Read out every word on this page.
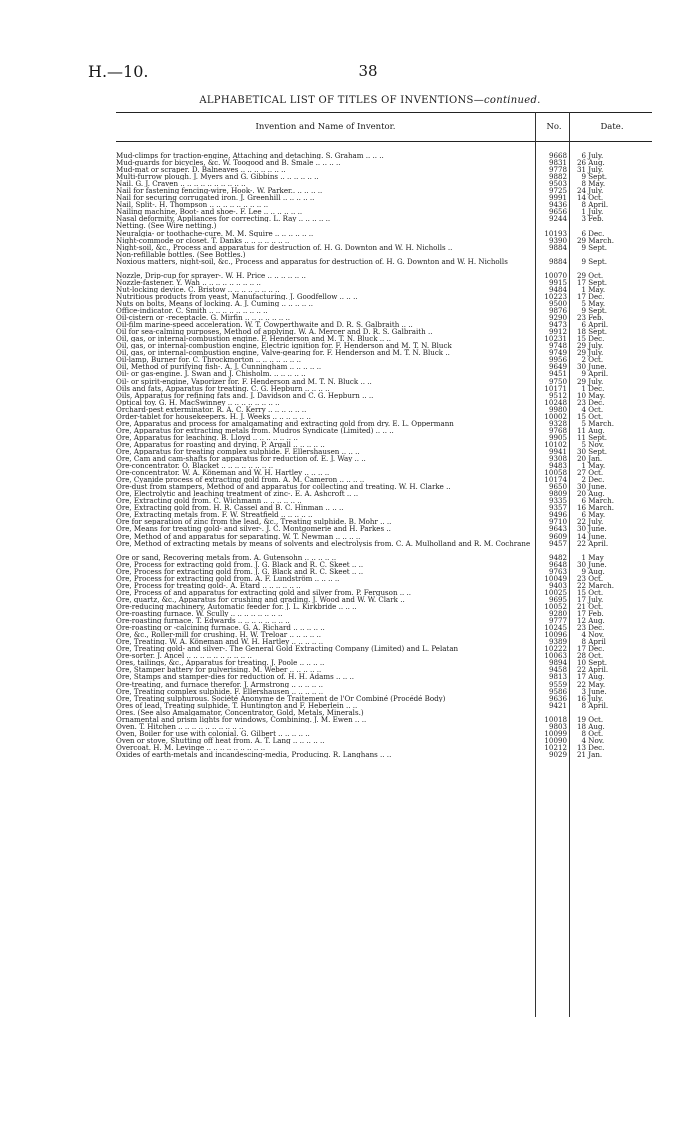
H.—10.	38
ALPHABETICAL LIST OF TITLES OF INVENTIONS—continued.
Invention and Name of Inventor.	No.	Date.
Mud-climps for traction-engine, Attaching and detaching. S. Graham .. .. ..	9668	6 July.
Mud-guards for bicycles, &c. W. Toogood and B. Smale .. .. .. ..	9831	26 Aug.
Mud-mat or scraper. D. Balneaves .. .. .. .. .. .. ..	9778	31 July.
Multi-furrow plough. J. Myers and G. Gibbins .. .. .. .. .. ..	9882	9 Sept.
Nail. G. J. Craven .. .. .. .. .. .. .. .. .. ..	9503	8 May.
Nail for fastening fencing-wire, Hook-. W. Parker.. .. .. .. ..	9725	24 July.
Nail for securing corrugated iron. J. Greenhill .. .. .. .. ..	9991	14 Oct.
Nail, Split-. H. Thompson .. .. .. .. .. .. .. .. ..	9436	8 April.
Nailing machine, Boot- and shoe-. F. Lee .. .. .. .. .. ..	9656	1 July.
Nasal deformity, Appliances for correcting. L. Ray .. .. .. .. ..	9244	3 Feb.
Netting. (See Wire netting.)
Neuralgia- or toothache-cure. M. M. Squire .. .. .. .. .. ..	10193	6 Dec.
Night-commode or closet. T. Danks .. .. .. .. .. .. ..	9390	29 March.
Night-soil, &c., Process and apparatus for destruction of. H. G. Downton and W. H. Nicholls ..	9884	9 Sept.
Non-refillable bottles. (See Bottles.)
Noxious matters, night-soil, &c., Process and apparatus for destruction of. H. G. Downton and W. H. Nicholls	9884	9 Sept.
Nozzle, Drip-cup for sprayer-. W. H. Price .. .. .. .. .. ..	10070	29 Oct.
Nozzle-fastener. Y. Wah .. .. .. .. .. .. .. .. ..	9915	17 Sept.
Nut-locking device. C. Bristow .. .. .. .. .. .. .. ..	9484	1 May.
Nutritious products from yeast, Manufacturing. J. Goodfellow .. .. ..	10223	17 Dec.
Nuts on bolts, Means of locking. A. J. Cuming .. .. .. .. ..	9500	5 May.
Office-indicator. C. Smith .. .. .. .. .. .. .. .. ..	9876	9 Sept.
Oil-cistern or -receptacle. G. Mirfin .. .. .. .. .. .. ..	9290	23 Feb.
Oil-film marine-speed acceleration. W. T. Cowperthwaite and D. R. S. Galbraith .. ..	9473	6 April.
Oil for sea-calming purposes, Method of applying. W. A. Mercer and D. R. S. Galbraith ..	9912	18 Sept.
Oil, gas, or internal-combustion engine. F. Henderson and M. T. N. Bluck .. ..	10231	15 Dec.
Oil, gas, or internal-combustion engine, Electric ignition for. F. Henderson and M. T. N. Bluck	9748	29 July.
Oil, gas, or internal-combustion engine, Valve-gearing for. F. Henderson and M. T. N. Bluck ..	9749	29 July.
Oil-lamp, Burner for. C. Throckmorton .. .. .. .. .. .. ..	9956	2 Oct.
Oil, Method of purifying fish-. A. J. Cunningham .. .. .. .. ..	9649	30 June.
Oil- or gas-engine. J. Swan and J. Chisholm. .. .. .. .. ..	9451	9 April.
Oil- or spirit-engine, Vaporizer for. F. Henderson and M. T. N. Bluck .. ..	9750	29 July.
Oils and fats, Apparatus for treating. C. G. Hepburn .. .. .. ..	10171	1 Dec.
Oils, Apparatus for refining fats and. J. Davidson and C. G. Hepburn .. ..	9512	10 May.
Optical toy. G. H. MacSwinney .. .. .. .. .. .. .. ..	10248	23 Dec.
Orchard-pest exterminator. R. A. C. Kerry .. .. .. .. .. ..	9980	4 Oct.
Order-tablet for housekeepers. H. J. Weeks .. .. .. .. .. ..	10002	15 Oct.
Ore, Apparatus and process for amalgamating and extracting gold from dry. E. L. Oppermann	9328	5 March.
Ore, Apparatus for extracting metals from. Mudros Syndicate (Limited) .. .. ..	9768	11 Aug.
Ore, Apparatus for leaching. B. Lloyd .. .. .. .. .. .. ..	9905	11 Sept.
Ore, Apparatus for roasting and drying. P. Argall .. .. .. .. ..	10102	5 Nov.
Ore, Apparatus for treating complex sulphide. F. Ellershausen .. .. ..	9941	30 Sept.
Ore, Cam and cam-shafts for apparatus for reduction of. E. J. Way .. ..	9308	20 Jan.
Ore-concentrator. O. Blacket .. .. .. .. .. .. .. ..	9483	1 May.
Ore-concentrator. W. A. Köneman and W. H. Hartley .. .. .. ..	10058	27 Oct.
Ore, Cyanide process of extracting gold from. A. M. Cameron .. .. .. ..	10174	2 Dec.
Ore-dust from stampers, Method of and apparatus for collecting and treating. W. H. Clarke ..	9650	30 June.
Ore, Electrolytic and leaching treatment of zinc-. E. A. Ashcroft .. ..	9809	20 Aug.
Ore, Extracting gold from. C. Wichmann .. .. .. .. .. ..	9335	6 March.
Ore, Extracting gold from. H. R. Cassel and B. C. Hinman .. .. ..	9357	16 March.
Ore, Extracting metals from. F. W. Streatfield .. .. .. .. ..	9496	6 May.
Ore for separation of zinc from the lead, &c., Treating sulphide. B. Mohr .. ..	9710	22 July.
Ore, Means for treating gold- and silver-. J. C. Montgomerie and H. Parkes ..	9643	30 June.
Ore, Method of and apparatus for separating. W. T. Newman .. .. .. ..	9609	14 June.
Ore, Method of extracting metals by means of solvents and electrolysis from. C. A. Mulholland and R. M. Cochrane	9457	22 April.
Ore or sand, Recovering metals from. A. Gutensohn .. .. .. .. ..	9482	1 May
Ore, Process for extracting gold from. J. G. Black and R. C. Skeet .. ..	9648	30 June.
Ore, Process for extracting gold from. J. G. Black and R. C. Skeet .. ..	9763	9 Aug.
Ore, Process for extracting gold from. A. F. Lundström .. .. .. ..	10049	23 Oct.
Ore, Process for treating gold-. A. Etard .. .. .. .. .. ..	9403	22 March.
Ore, Process of and apparatus for extracting gold and silver from. P. Ferguson .. ..	10025	15 Oct.
Ore, quartz, &c., Apparatus for crushing and grading. J. Wood and W. W. Clark ..	9695	17 July.
Ore-reducing machinery, Automatic feeder for. J. L. Kirkbride .. .. ..	10052	21 Oct.
Ore-roasting furnace. W. Scully .. .. .. .. .. .. .. ..	9280	17 Feb.
Ore-roasting furnace. T. Edwards .. .. .. .. .. .. .. ..	9777	12 Aug.
Ore-roasting or -calcining furnace. G. A. Richard .. .. .. .. ..	10245	23 Dec.
Ore, &c., Roller-mill for crushing. H. W. Treloar .. .. .. .. ..	10096	4 Nov.
Ore, Treating. W. A. Köneman and W. H. Hartley .. .. .. .. ..	9389	8 April
Ore, Treating gold- and silver-. The General Gold Extracting Company (Limited) and L. Pelatan	10222	17 Dec.
Ore-sorter. J. Ancel .. .. .. .. .. .. .. .. .. ..	10063	28 Oct.
Ores, tailings, &c., Apparatus for treating. J. Poole .. .. .. ..	9894	10 Sept.
Ore, Stamper battery for pulverising. M. Weber .. .. .. .. ..	9458	22 April.
Ore, Stamps and stamper-dies for reduction of. H. H. Adams .. .. ..	9813	17 Aug.
Ore-treating, and furnace therefor. J. Armstrong .. .. .. .. ..	9559	22 May.
Ore, Treating complex sulphide. F. Ellershausen .. .. .. .. ..	9586	3 June.
Ore, Treating sulphurous. Société Anonyme de Traitement de l'Or Combiné (Procédé Body)	9636	16 July.
Ores of lead, Treating sulphide. T. Huntington and F. Heberlein .. ..	9421	8 April.
Ores. (See also Amalgamator, Concentrator, Gold, Metals, Minerals.)
Ornamental and prism lights for windows, Combining. J. M. Ewen .. ..	10018	19 Oct.
Oven. T. Hitchen .. .. .. .. .. .. .. .. .. ..	9803	18 Aug.
Oven, Boiler for use with colonial. G. Gilbert .. .. .. .. ..	10099	8 Oct.
Oven or stove, Shutting off heat from. A. T. Lang .. .. .. .. ..	10090	4 Nov.
Overcoat. H. M. Levinge .. .. .. .. .. .. .. .. ..	10212	13 Dec.
Oxides of earth-metals and incandescing-media, Producing. R. Langhans .. ..	9029	21 Jan.
